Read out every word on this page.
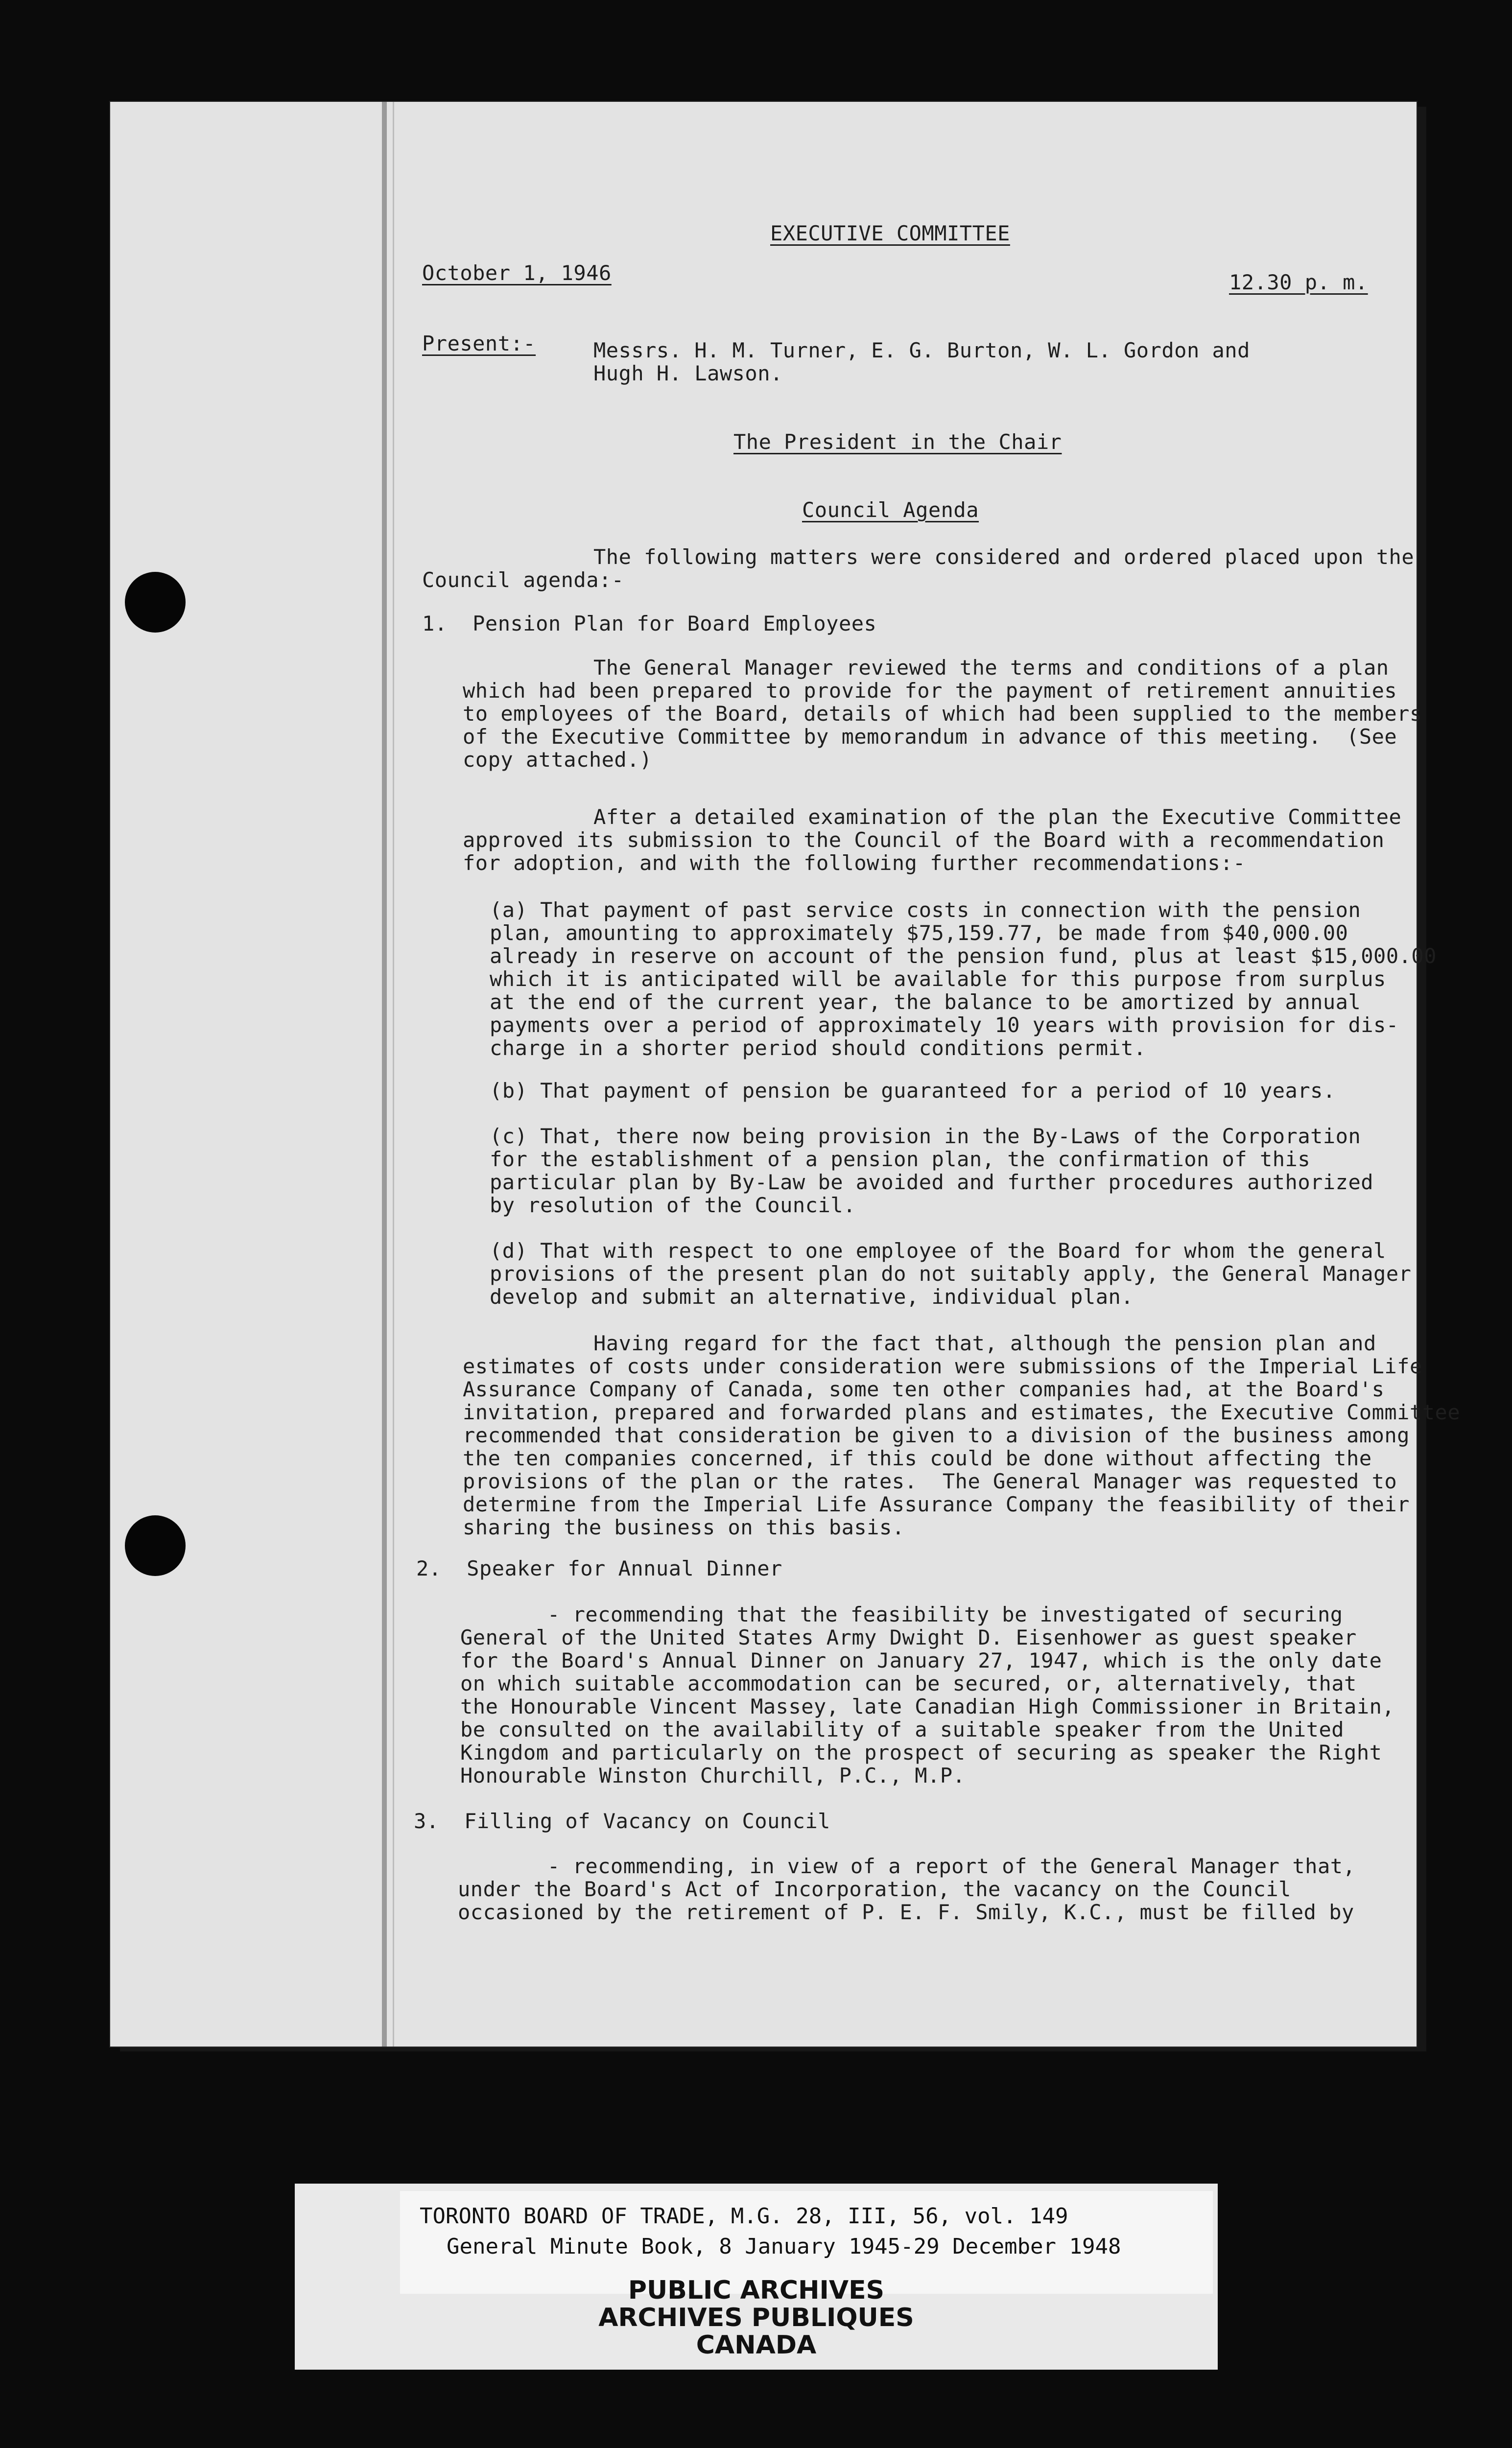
EXECUTIVE COMMITTEE

October 1, 1946	12.30 p. m.

Present:-	Messrs. H. M. Turner, E. G. Burton, W. L. Gordon and

Hugh H. Lawson.

The President in the Chair

Council Agenda

The following matters were considered and ordered placed upon the

Council agenda:-

1.  Pension Plan for Board Employees

The General Manager reviewed the terms and conditions of a plan

which had been prepared to provide for the payment of retirement annuities

to employees of the Board, details of which had been supplied to the members

of the Executive Committee by memorandum in advance of this meeting.  (See

copy attached.)

After a detailed examination of the plan the Executive Committee

approved its submission to the Council of the Board with a recommendation

for adoption, and with the following further recommendations:-

(a) That payment of past service costs in connection with the pension

plan, amounting to approximately $75,159.77, be made from $40,000.00

already in reserve on account of the pension fund, plus at least $15,000.00

which it is anticipated will be available for this purpose from surplus

at the end of the current year, the balance to be amortized by annual

payments over a period of approximately 10 years with provision for dis-

charge in a shorter period should conditions permit.

(b) That payment of pension be guaranteed for a period of 10 years.

(c) That, there now being provision in the By-Laws of the Corporation

for the establishment of a pension plan, the confirmation of this

particular plan by By-Law be avoided and further procedures authorized

by resolution of the Council.

(d) That with respect to one employee of the Board for whom the general

provisions of the present plan do not suitably apply, the General Manager

develop and submit an alternative, individual plan.

Having regard for the fact that, although the pension plan and

estimates of costs under consideration were submissions of the Imperial Life

Assurance Company of Canada, some ten other companies had, at the Board's

invitation, prepared and forwarded plans and estimates, the Executive Committee

recommended that consideration be given to a division of the business among

the ten companies concerned, if this could be done without affecting the

provisions of the plan or the rates.  The General Manager was requested to

determine from the Imperial Life Assurance Company the feasibility of their

sharing the business on this basis.

2.  Speaker for Annual Dinner

- recommending that the feasibility be investigated of securing

General of the United States Army Dwight D. Eisenhower as guest speaker

for the Board's Annual Dinner on January 27, 1947, which is the only date

on which suitable accommodation can be secured, or, alternatively, that

the Honourable Vincent Massey, late Canadian High Commissioner in Britain,

be consulted on the availability of a suitable speaker from the United

Kingdom and particularly on the prospect of securing as speaker the Right

Honourable Winston Churchill, P.C., M.P.

3.  Filling of Vacancy on Council

- recommending, in view of a report of the General Manager that,

under the Board's Act of Incorporation, the vacancy on the Council

occasioned by the retirement of P. E. F. Smily, K.C., must be filled by

TORONTO BOARD OF TRADE, M.G. 28, III, 56, vol. 149

General Minute Book, 8 January 1945-29 December 1948

PUBLIC ARCHIVES

ARCHIVES PUBLIQUES

CANADA
